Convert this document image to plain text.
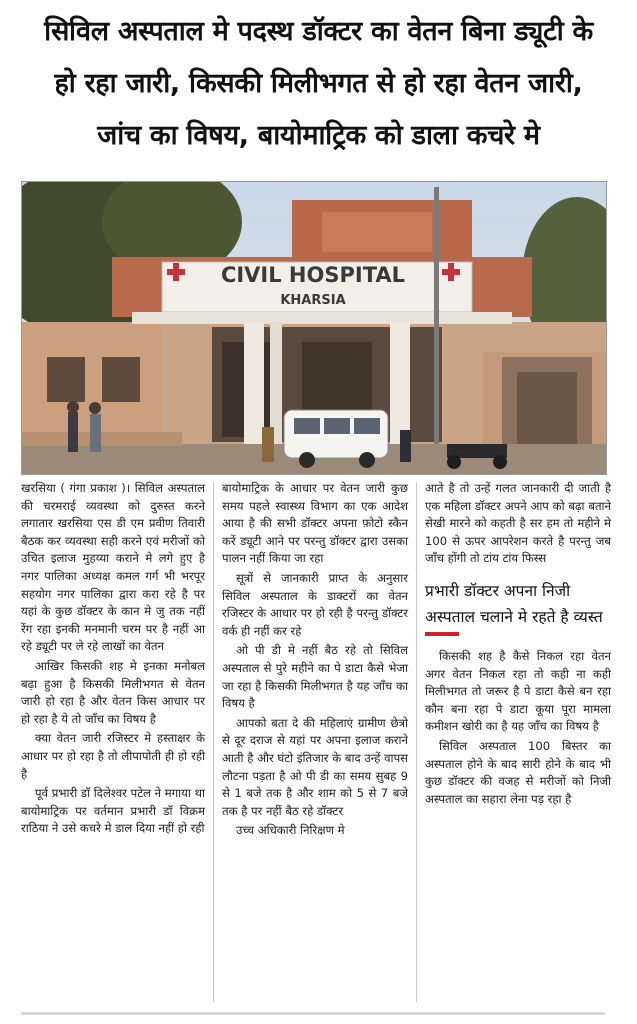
सिविल अस्पताल मे पदस्थ डॉक्टर का वेतन बिना ड्यूटी के
हो रहा जारी, किसकी मिलीभगत से हो रहा वेतन जारी,
जांच का विषय, बायोमाट्रिक को डाला कचरे मे
CIVIL HOSPITAL
KHARSIA

खरसिया ( गंगा प्रकाश )। सिविल अस्पताल की चरमराई व्यवस्था को दुरुस्त करने लगातार खरसिया एस डी एम प्रवीण तिवारी बैठक कर व्यवस्था सही करने एवं मरीजों को उचित इलाज मुहय्या कराने मे लगे हुए है नगर पालिका अध्यक्ष कमल गर्ग भी भरपूर सहयोग नगर पालिका द्वारा करा रहे है पर यहां के कुछ डॉक्टर के कान मे जु तक नहीं रेंग रहा इनकी मनमानी चरम पर है नहीं आ रहे ड्यूटी पर ले रहे लाखों का वेतन

आखिर किसकी शह मे इनका मनोबल बढ़ा हुआ है किसकी मिलीभगत से वेतन जारी हो रहा है और वेतन किस आधार पर हो रहा है ये तो जाँच का विषय है

क्या वेतन जारी रजिस्टर मे हस्ताक्षर के आधार पर हो रहा है तो लीपापोती ही हो रही है

पूर्व प्रभारी डॉ दिलेश्वर पटेल ने मगाया था बायोमाट्रिक पर वर्तमान प्रभारी डॉ विक्रम राठिया ने उसे कचरे मे डाल दिया नहीं हो रही

बायोमाट्रिक के आधार पर वेतन जारी कुछ समय पहले स्वास्थ्य विभाग का एक आदेश आया है की सभी डॉक्टर अपना फ़ोटो स्कैन करें ड्यूटी आने पर परन्तु डॉक्टर द्वारा उसका पालन नहीं किया जा रहा

सूत्रों से जानकारी प्राप्त के अनुसार सिविल अस्पताल के डाक्टरों का वेतन रजिस्टर के आधार पर हो रही है परन्तु डॉक्टर वर्क ही नहीं कर रहे

ओ पी डी मे नहीं बैठ रहे तो सिविल अस्पताल से पुरे महीने का पे डाटा कैसे भेजा जा रहा है किसकी मिलीभगत है यह जाँच का विषय है

आपको बता दे की महिलाएं ग्रामीण छेत्रो से दूर दराज से यहां पर अपना इलाज कराने आती है और घंटो इंतिजार के बाद उन्हें वापस लौटना पड़ता है ओ पी डी का समय सुबह 9 से 1 बजे तक है और शाम को 5 से 7 बजे तक है पर नहीं बैठ रहे डॉक्टर

उच्च अधिकारी निरिक्षण मे

आते है तो उन्हें गलत जानकारी दी जाती है एक महिला डॉक्टर अपने आप को बढ़ा बताने सेखी मारने को कहती है सर हम तो महीने मे 100 से ऊपर आपरेशन करते है परन्तु जब जाँच होंगी तो टांय टांय फिस्स

प्रभारी डॉक्टर अपना निजी अस्पताल चलाने मे रहते है व्यस्त

किसकी शह है कैसे निकल रहा वेतन अगर वेतन निकल रहा तो कही ना कही मिलीभगत तो जरूर है पे डाटा कैसे बन रहा कौन बना रहा पे डाटा कूया पूरा मामला कमीशन खोरी का है यह जाँच का विषय है

सिविल अस्पताल 100 बिस्तर का अस्पताल होने के बाद सारी होने के बाद भी कुछ डॉक्टर की वजह से मरीजों को निजी अस्पताल का सहारा लेना पड़ रहा है
